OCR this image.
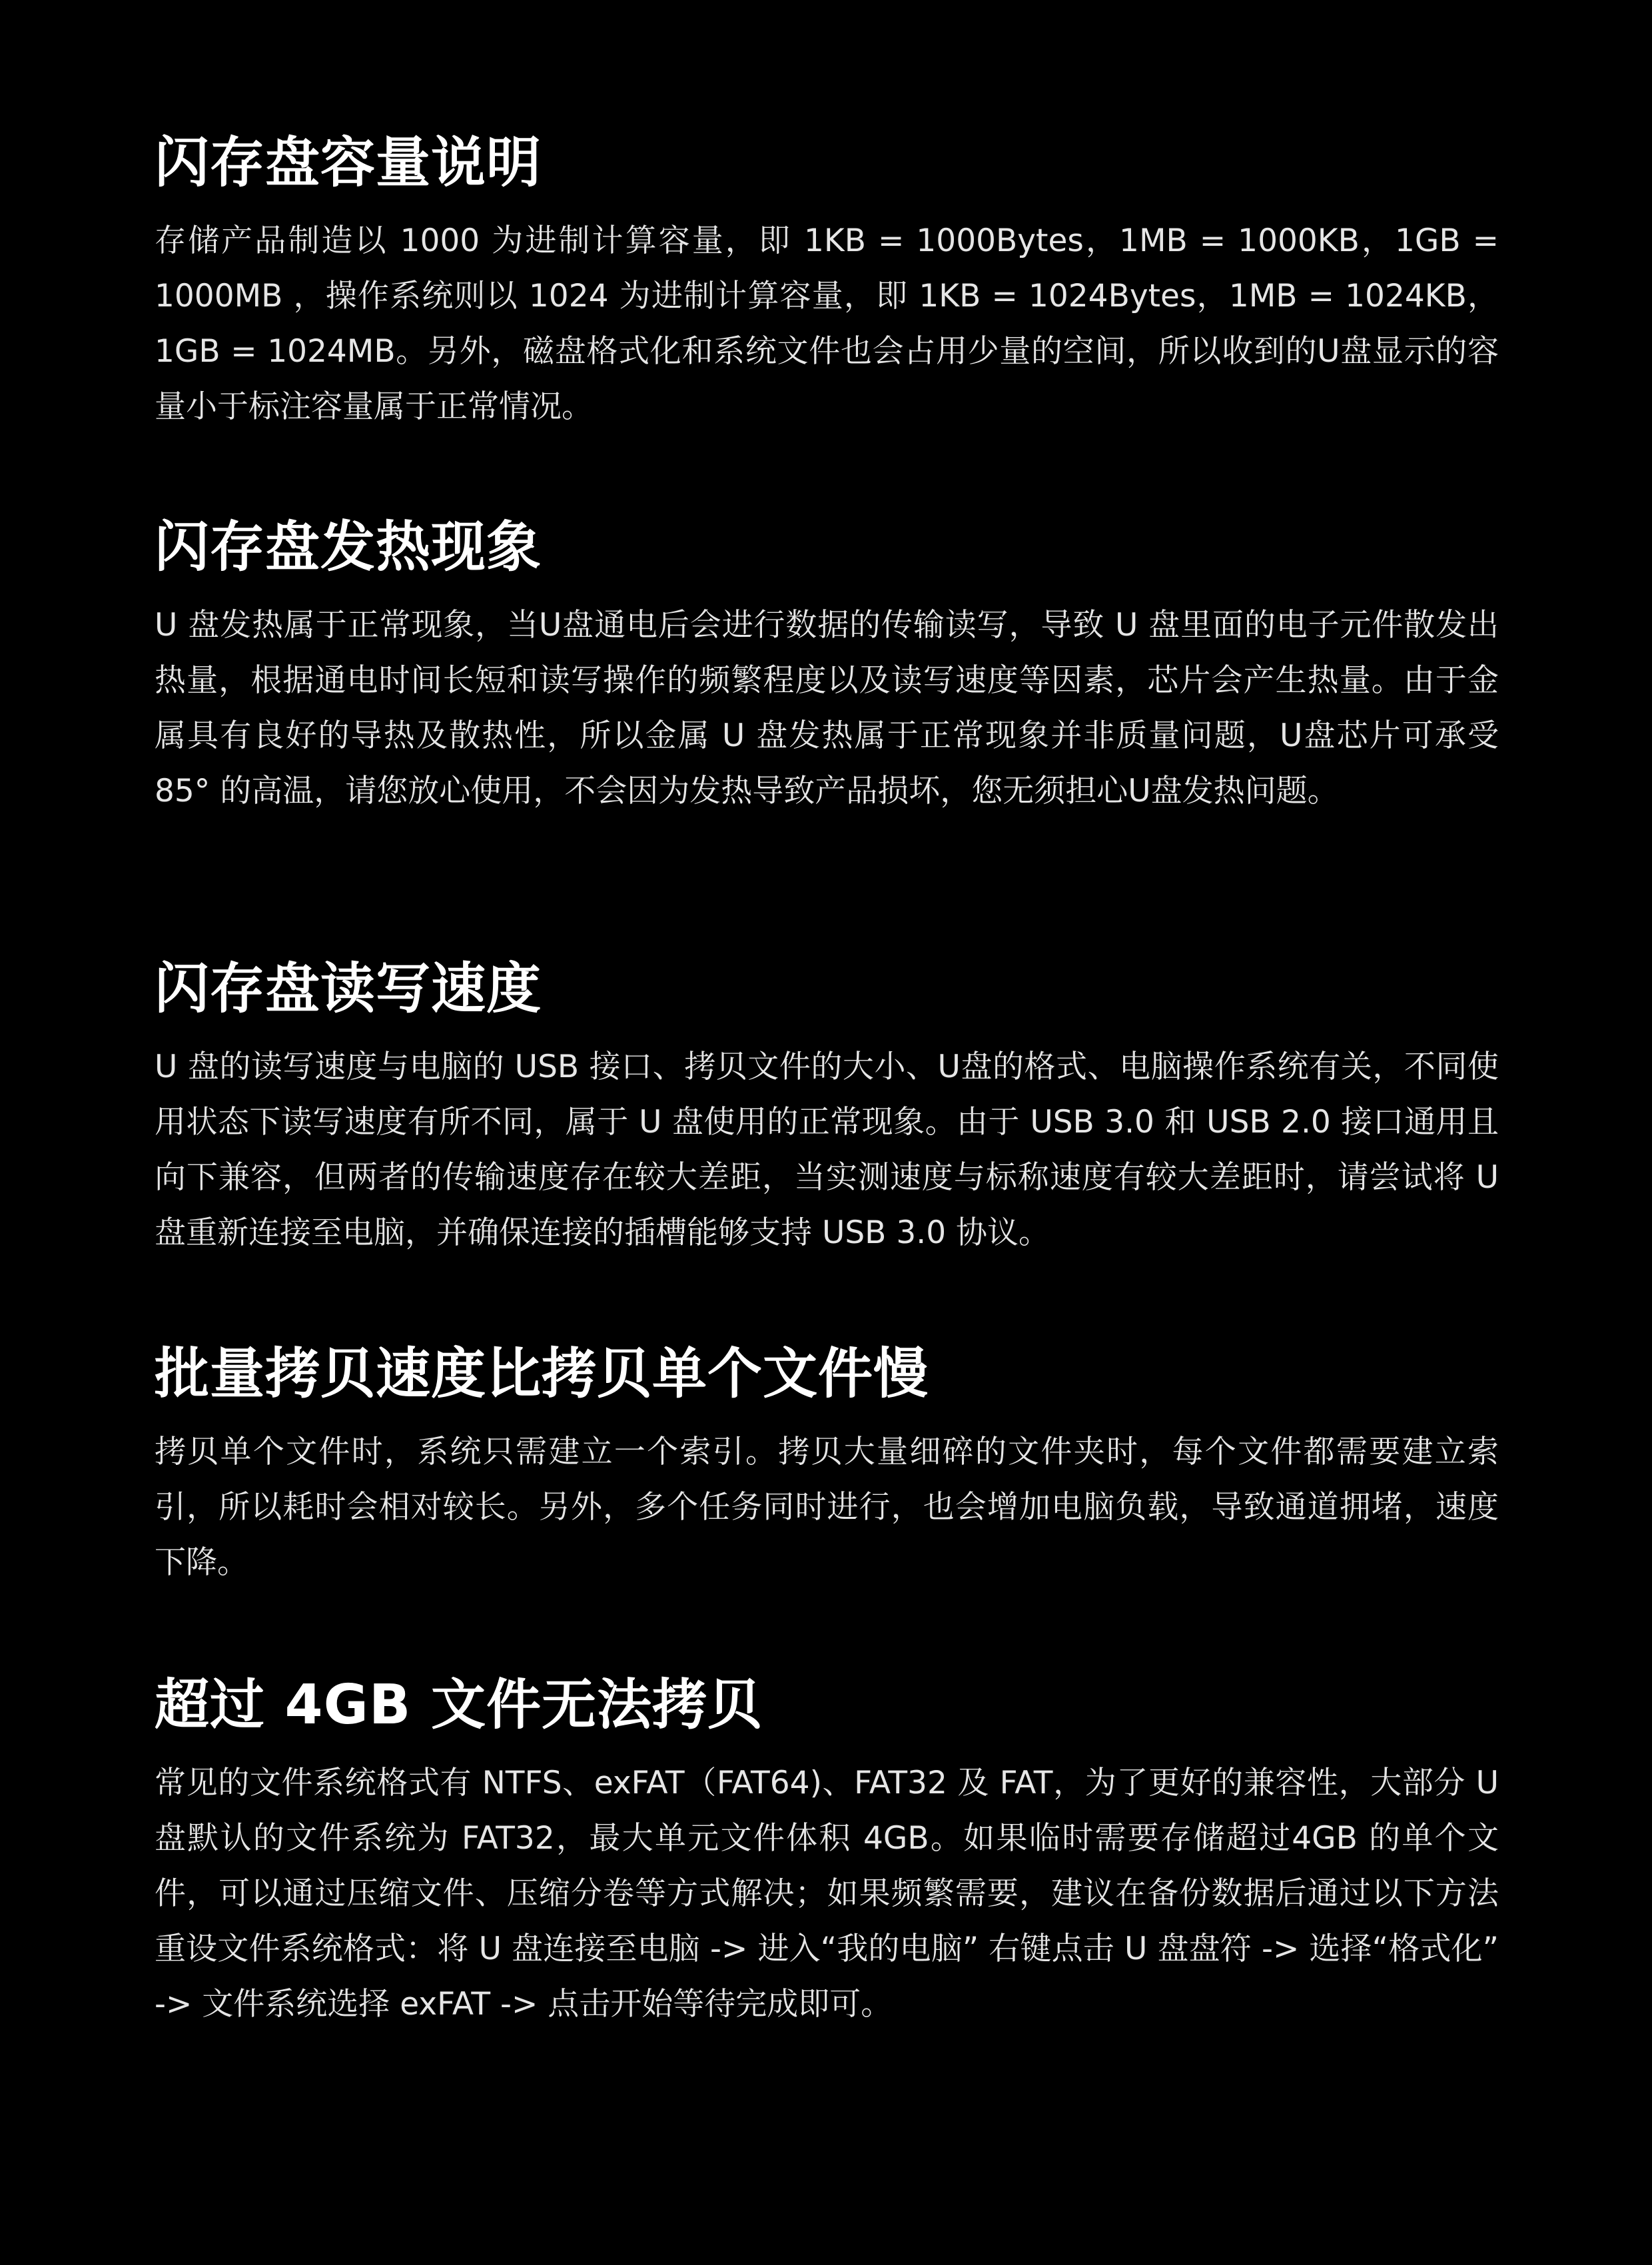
闪存盘容量说明

存储产品制造以 1000 为进制计算容量，即 1KB = 1000Bytes，1MB = 1000KB，1GB = 1000MB ，操作系统则以 1024 为进制计算容量，即 1KB = 1024Bytes，1MB = 1024KB，1GB = 1024MB。另外，磁盘格式化和系统文件也会占用少量的空间，所以收到的U盘显示的容量小于标注容量属于正常情况。

闪存盘发热现象

U 盘发热属于正常现象，当U盘通电后会进行数据的传输读写，导致 U 盘里面的电子元件散发出热量，根据通电时间长短和读写操作的频繁程度以及读写速度等因素，芯片会产生热量。由于金属具有良好的导热及散热性，所以金属 U 盘发热属于正常现象并非质量问题，U盘芯片可承受 85° 的高温，请您放心使用，不会因为发热导致产品损坏，您无须担心U盘发热问题。

闪存盘读写速度

U 盘的读写速度与电脑的 USB 接口、拷贝文件的大小、U盘的格式、电脑操作系统有关，不同使用状态下读写速度有所不同，属于 U 盘使用的正常现象。由于 USB 3.0 和 USB 2.0 接口通用且向下兼容，但两者的传输速度存在较大差距，当实测速度与标称速度有较大差距时，请尝试将 U 盘重新连接至电脑，并确保连接的插槽能够支持 USB 3.0 协议。

批量拷贝速度比拷贝单个文件慢

拷贝单个文件时，系统只需建立一个索引。拷贝大量细碎的文件夹时，每个文件都需要建立索引，所以耗时会相对较长。另外，多个任务同时进行，也会增加电脑负载，导致通道拥堵，速度下降。

超过 4GB 文件无法拷贝

常见的文件系统格式有 NTFS、exFAT（FAT64)、FAT32 及 FAT，为了更好的兼容性，大部分 U 盘默认的文件系统为 FAT32，最大单元文件体积 4GB。如果临时需要存储超过4GB 的单个文件，可以通过压缩文件、压缩分卷等方式解决；如果频繁需要，建议在备份数据后通过以下方法重设文件系统格式：将 U 盘连接至电脑 -> 进入“我的电脑” 右键点击 U 盘盘符 -> 选择“格式化” -> 文件系统选择 exFAT -> 点击开始等待完成即可。
